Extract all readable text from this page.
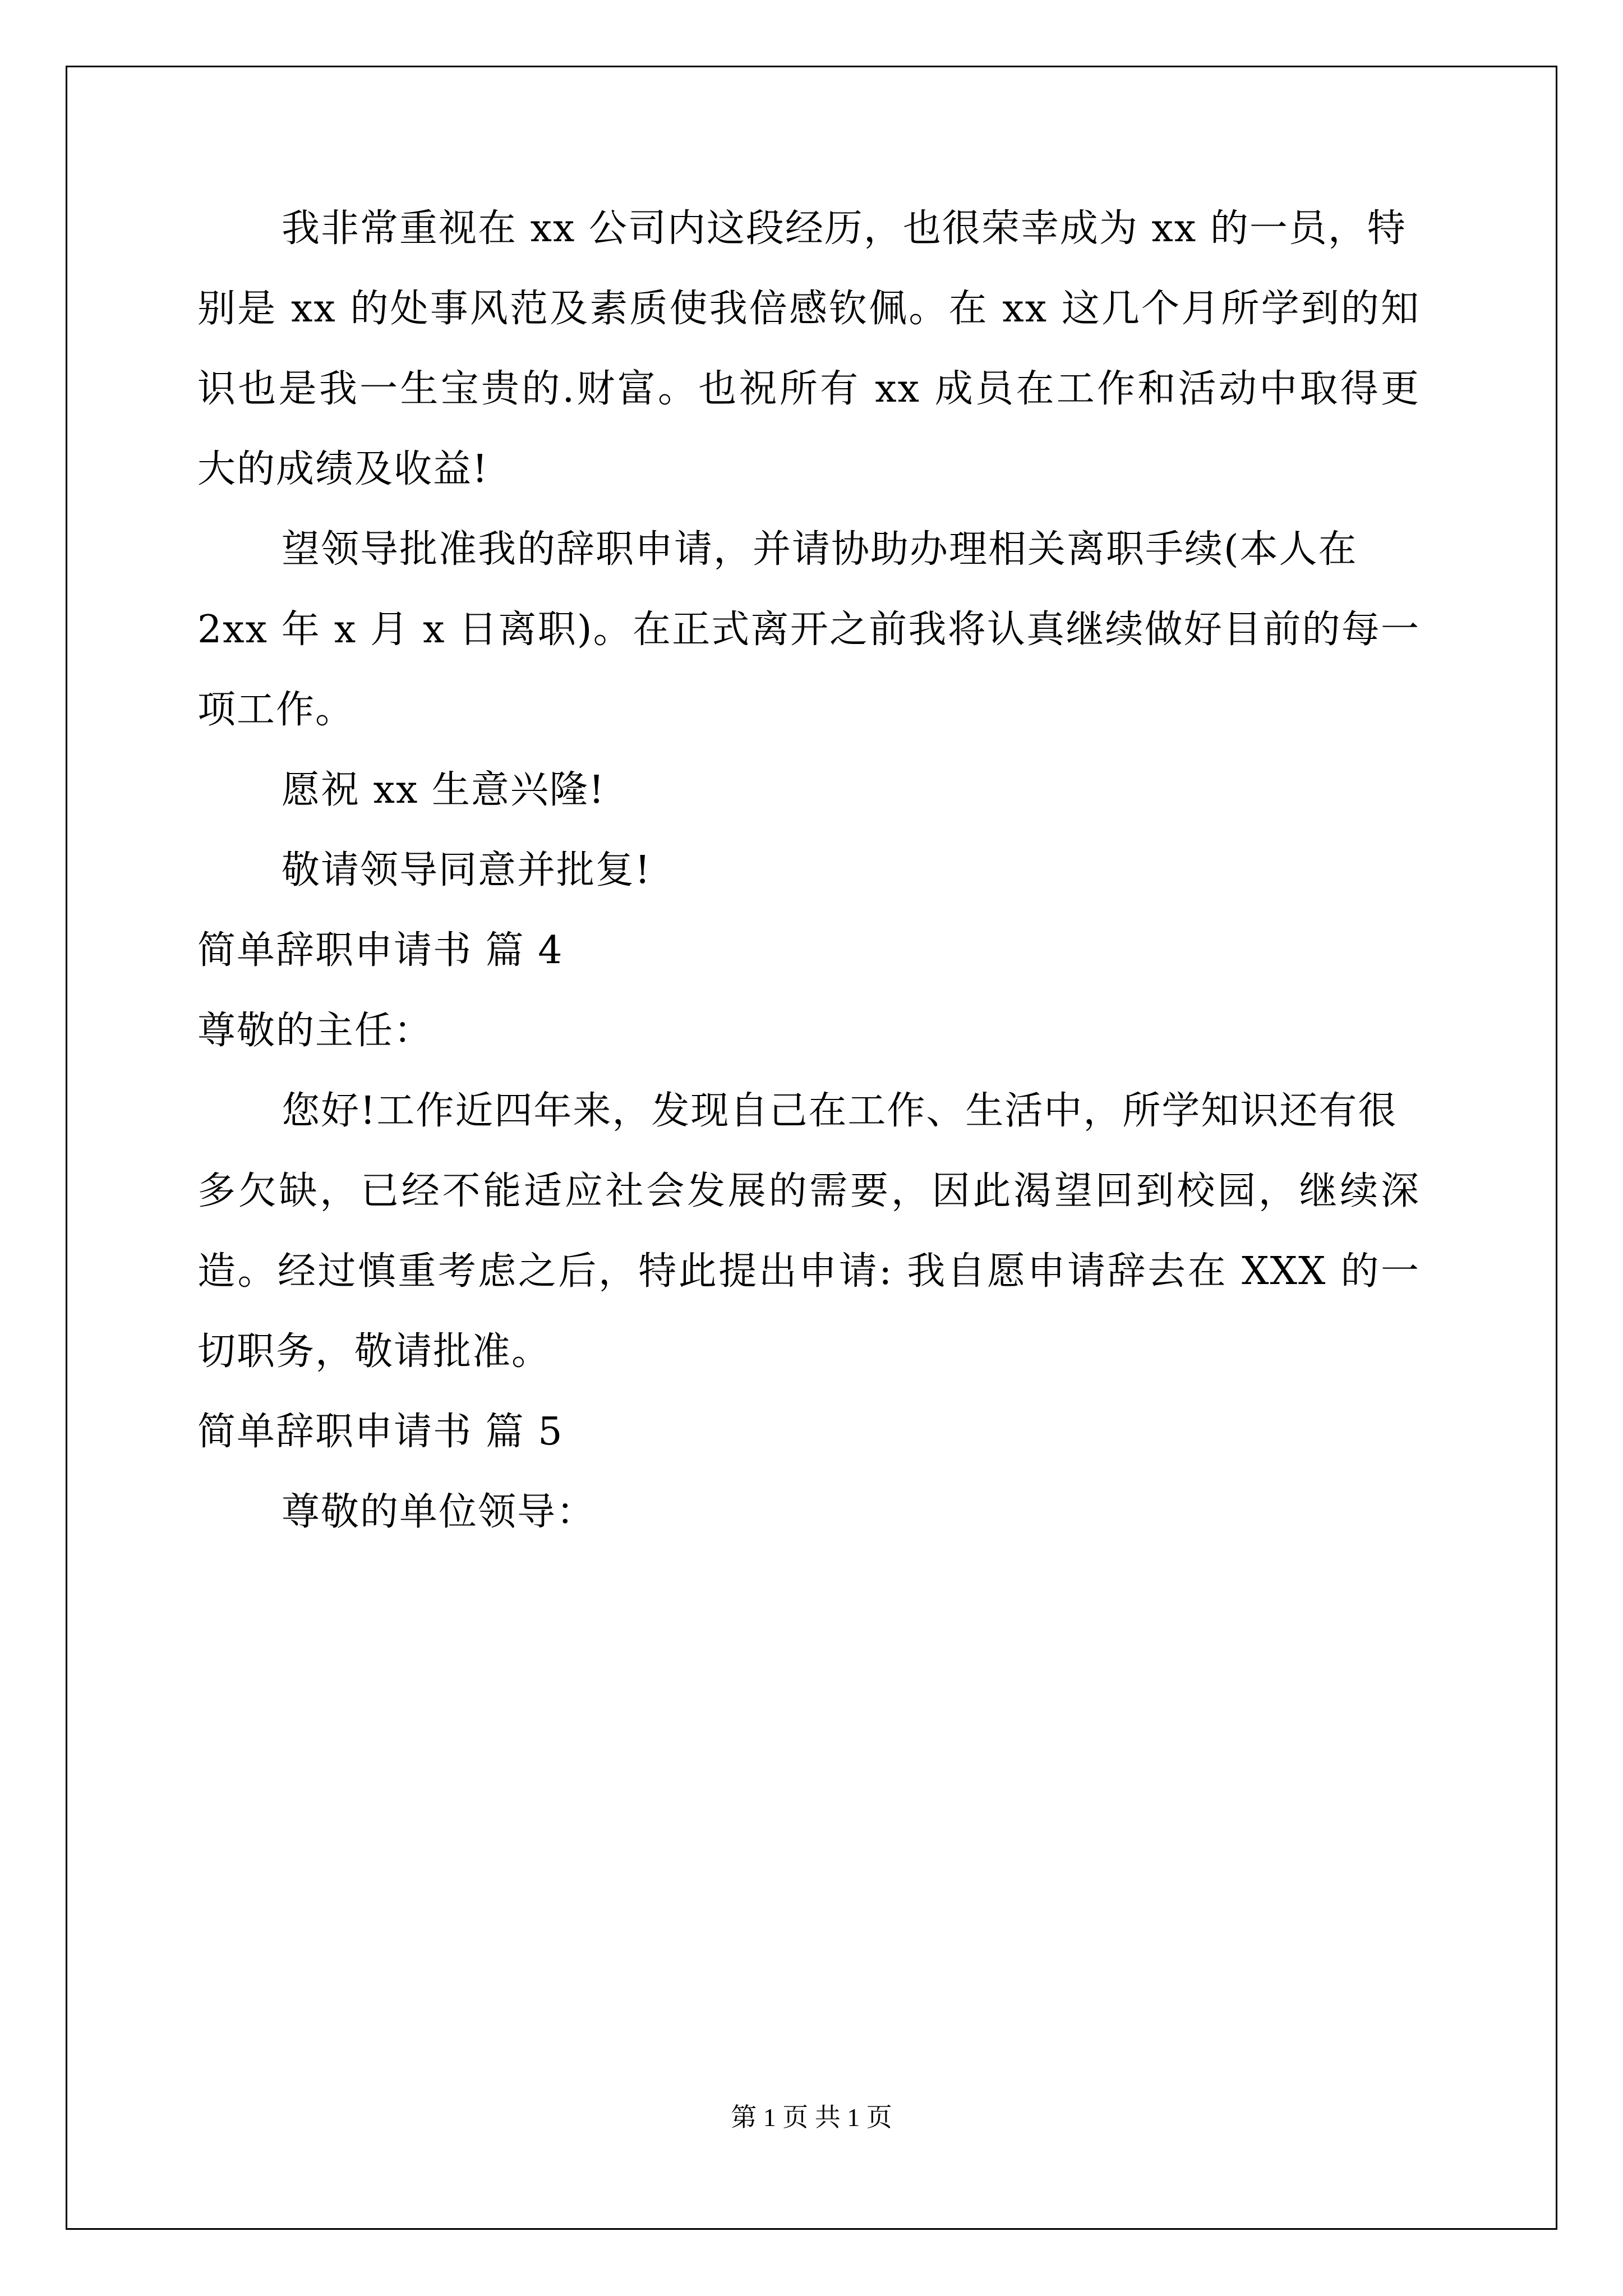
我非常重视在 xx 公司内这段经历，也很荣幸成为 xx 的一员，特
别是 xx 的处事风范及素质使我倍感钦佩。在 xx 这几个月所学到的知
识也是我一生宝贵的.财富。也祝所有 xx 成员在工作和活动中取得更
大的成绩及收益!
望领导批准我的辞职申请，并请协助办理相关离职手续(本人在
2xx 年 x 月 x 日离职)。在正式离开之前我将认真继续做好目前的每一
项工作。
愿祝 xx 生意兴隆!
敬请领导同意并批复!
简单辞职申请书 篇 4
尊敬的主任：
您好!工作近四年来，发现自己在工作、生活中，所学知识还有很
多欠缺，已经不能适应社会发展的需要，因此渴望回到校园，继续深
造。经过慎重考虑之后，特此提出申请: 我自愿申请辞去在 XXX 的一
切职务，敬请批准。
简单辞职申请书 篇 5
尊敬的单位领导：
第 1 页 共 1 页
